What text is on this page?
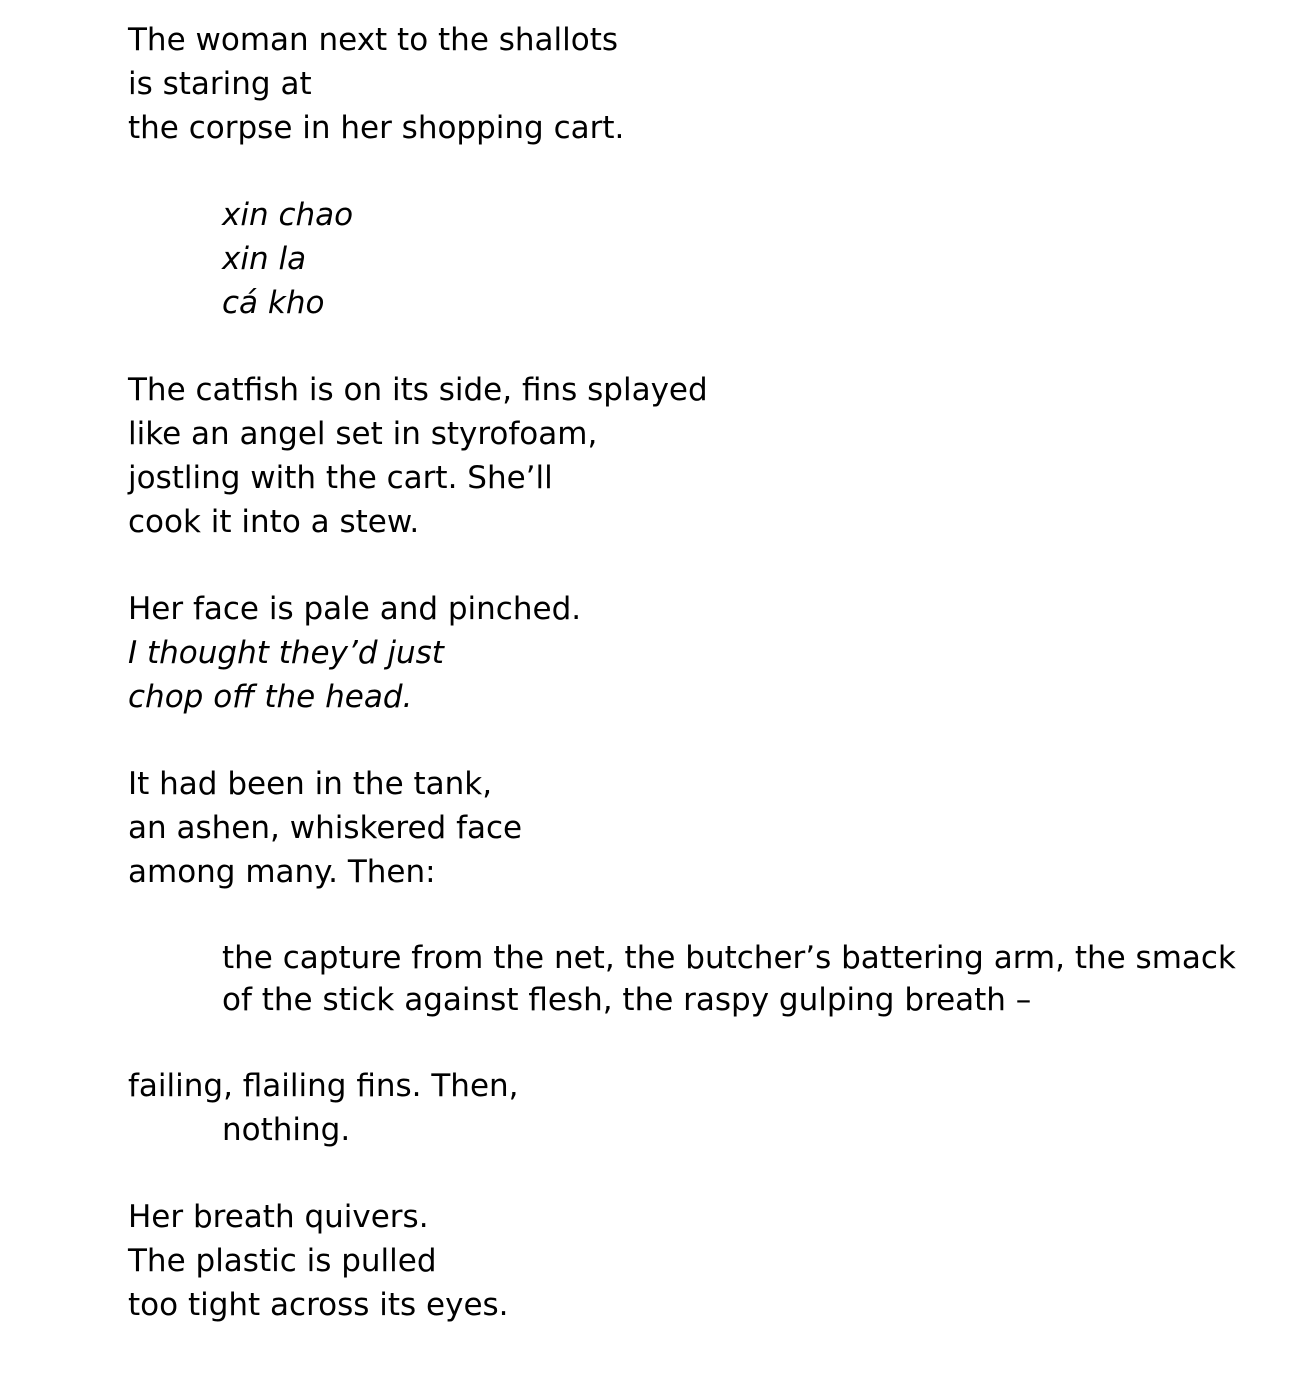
The woman next to the shallots
is staring at
the corpse in her shopping cart.
xin chao
xin la
cá kho
The catfish is on its side, fins splayed
like an angel set in styrofoam,
jostling with the cart. She’ll
cook it into a stew.
Her face is pale and pinched.
I thought they’d just
chop off the head.
It had been in the tank,
an ashen, whiskered face
among many. Then:
the capture from the net, the butcher’s battering arm, the smack
of the stick against flesh, the raspy gulping breath –
failing, flailing fins. Then,
nothing.
Her breath quivers.
The plastic is pulled
too tight across its eyes.
